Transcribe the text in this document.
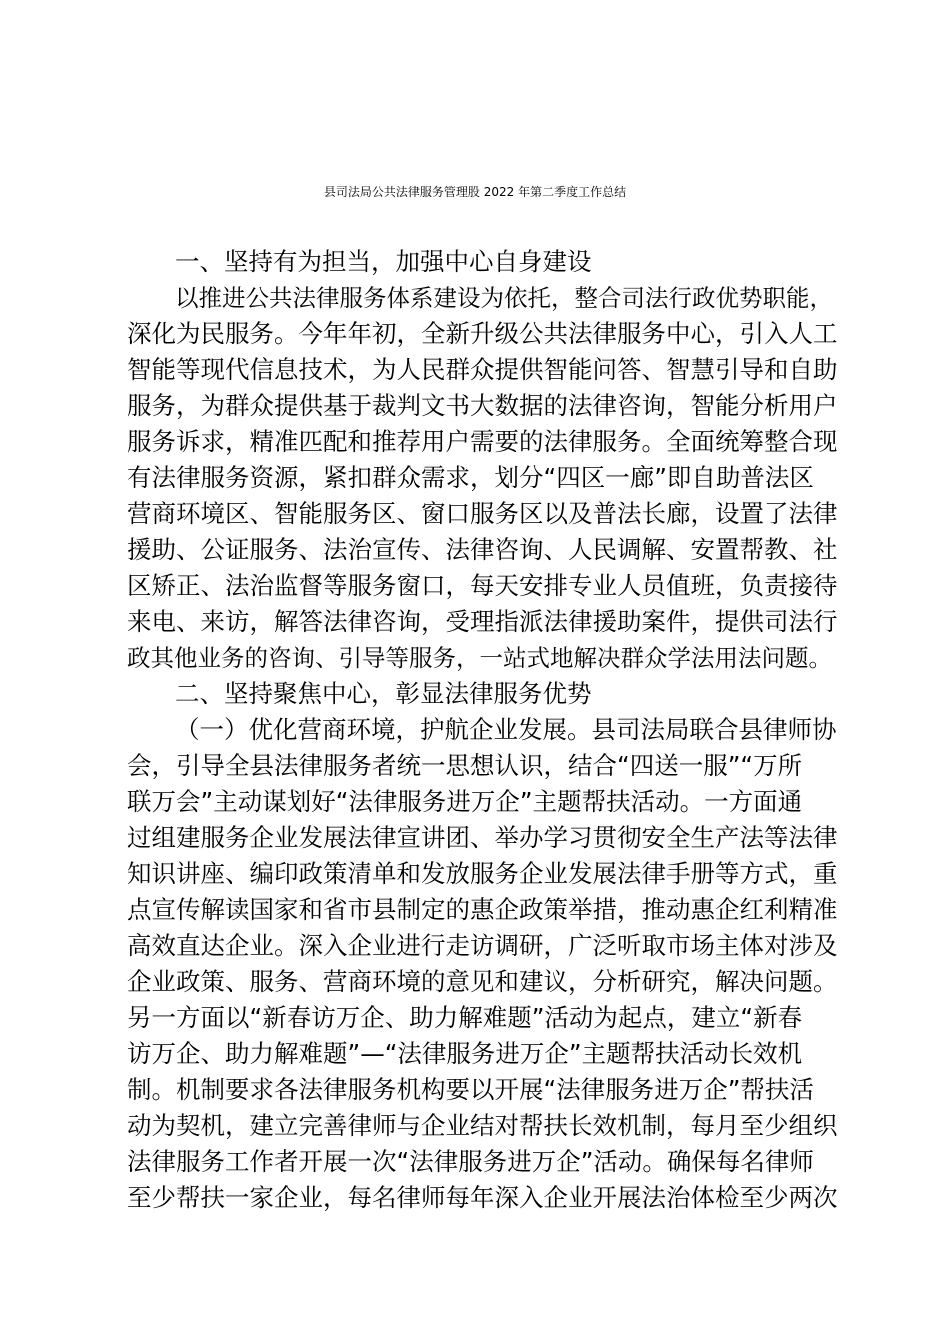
县司法局公共法律服务管理股 2022 年第二季度工作总结
一、坚持有为担当，加强中心自身建设
以推进公共法律服务体系建设为依托，整合司法行政优势职能，
深化为民服务。今年年初，全新升级公共法律服务中心，引入人工
智能等现代信息技术，为人民群众提供智能问答、智慧引导和自助
服务，为群众提供基于裁判文书大数据的法律咨询，智能分析用户
服务诉求，精准匹配和推荐用户需要的法律服务。全面统筹整合现
有法律服务资源，紧扣群众需求，划分“四区一廊”即自助普法区
营商环境区、智能服务区、窗口服务区以及普法长廊，设置了法律
援助、公证服务、法治宣传、法律咨询、人民调解、安置帮教、社
区矫正、法治监督等服务窗口，每天安排专业人员值班，负责接待
来电、来访，解答法律咨询，受理指派法律援助案件，提供司法行
政其他业务的咨询、引导等服务，一站式地解决群众学法用法问题。
二、坚持聚焦中心，彰显法律服务优势
（一）优化营商环境，护航企业发展。县司法局联合县律师协
会，引导全县法律服务者统一思想认识，结合“四送一服”“万所
联万会”主动谋划好“法律服务进万企”主题帮扶活动。一方面通
过组建服务企业发展法律宣讲团、举办学习贯彻安全生产法等法律
知识讲座、编印政策清单和发放服务企业发展法律手册等方式，重
点宣传解读国家和省市县制定的惠企政策举措，推动惠企红利精准
高效直达企业。深入企业进行走访调研，广泛听取市场主体对涉及
企业政策、服务、营商环境的意见和建议，分析研究，解决问题。
另一方面以“新春访万企、助力解难题”活动为起点，建立“新春
访万企、助力解难题”—“法律服务进万企”主题帮扶活动长效机
制。机制要求各法律服务机构要以开展“法律服务进万企”帮扶活
动为契机，建立完善律师与企业结对帮扶长效机制，每月至少组织
法律服务工作者开展一次“法律服务进万企”活动。确保每名律师
至少帮扶一家企业，每名律师每年深入企业开展法治体检至少两次
